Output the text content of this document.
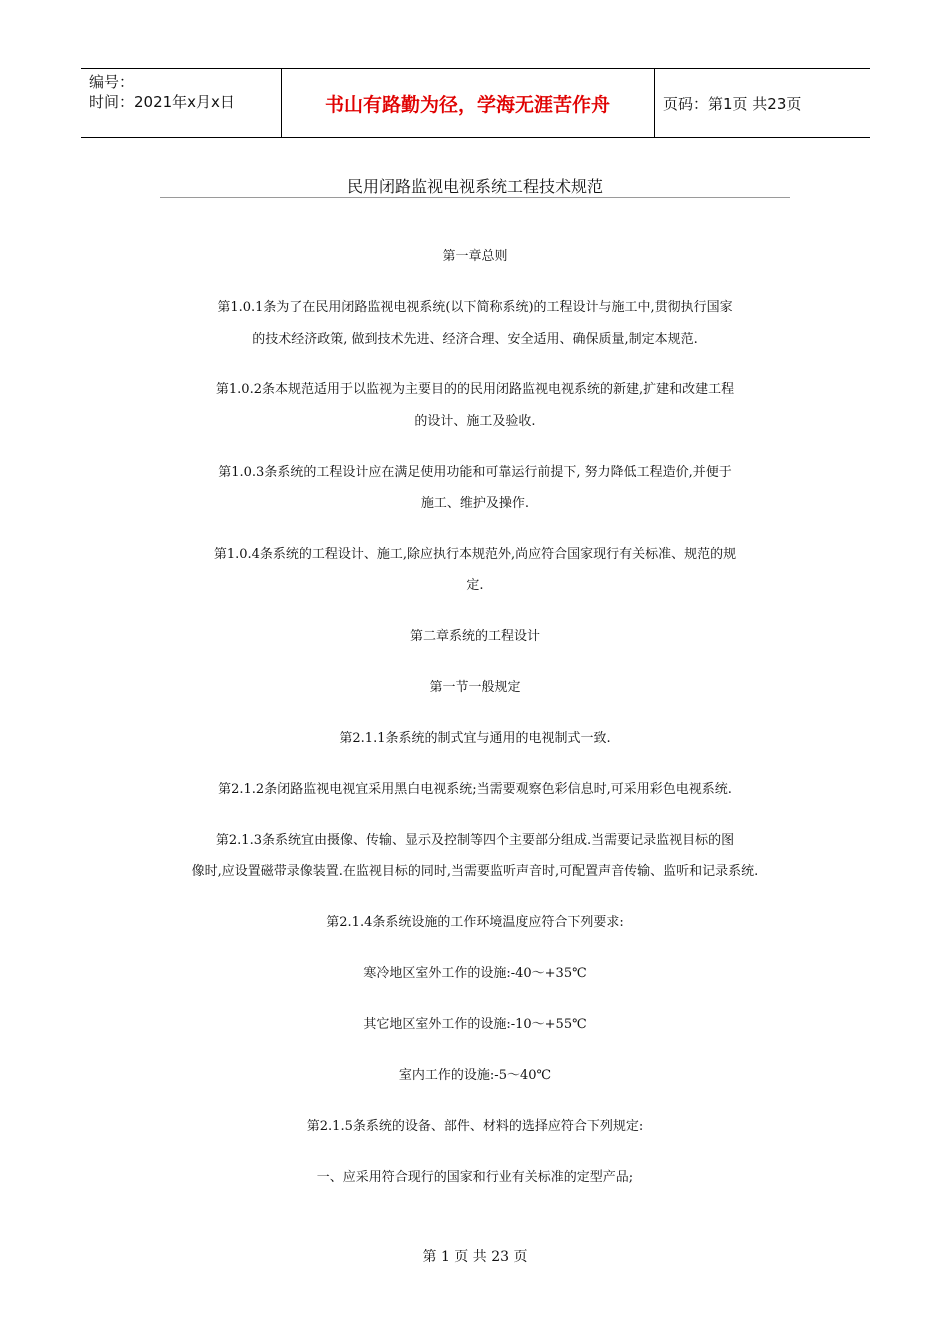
编号：
时间：2021年x月x日	书山有路勤为径，学海无涯苦作舟	页码：第1页 共23页
民用闭路监视电视系统工程技术规范
第一章总则
第1.0.1条为了在民用闭路监视电视系统(以下简称系统)的工程设计与施工中,贯彻执行国家
的技术经济政策, 做到技术先进、经济合理、安全适用、确保质量,制定本规范.
第1.0.2条本规范适用于以监视为主要目的的民用闭路监视电视系统的新建,扩建和改建工程
的设计、施工及验收.
第1.0.3条系统的工程设计应在满足使用功能和可靠运行前提下, 努力降低工程造价,并便于
施工、维护及操作.
第1.0.4条系统的工程设计、施工,除应执行本规范外,尚应符合国家现行有关标准、规范的规
定.
第二章系统的工程设计
第一节一般规定
第2.1.1条系统的制式宜与通用的电视制式一致.
第2.1.2条闭路监视电视宜采用黑白电视系统;当需要观察色彩信息时,可采用彩色电视系统.
第2.1.3条系统宜由摄像、传输、显示及控制等四个主要部分组成.当需要记录监视目标的图
像时,应设置磁带录像装置.在监视目标的同时,当需要监听声音时,可配置声音传输、监听和记录系统.
第2.1.4条系统设施的工作环境温度应符合下列要求:
寒冷地区室外工作的设施:-40～+35℃
其它地区室外工作的设施:-10～+55℃
室内工作的设施:-5～40℃
第2.1.5条系统的设备、部件、材料的选择应符合下列规定:
一、应采用符合现行的国家和行业有关标准的定型产品;
第 1 页 共 23 页
